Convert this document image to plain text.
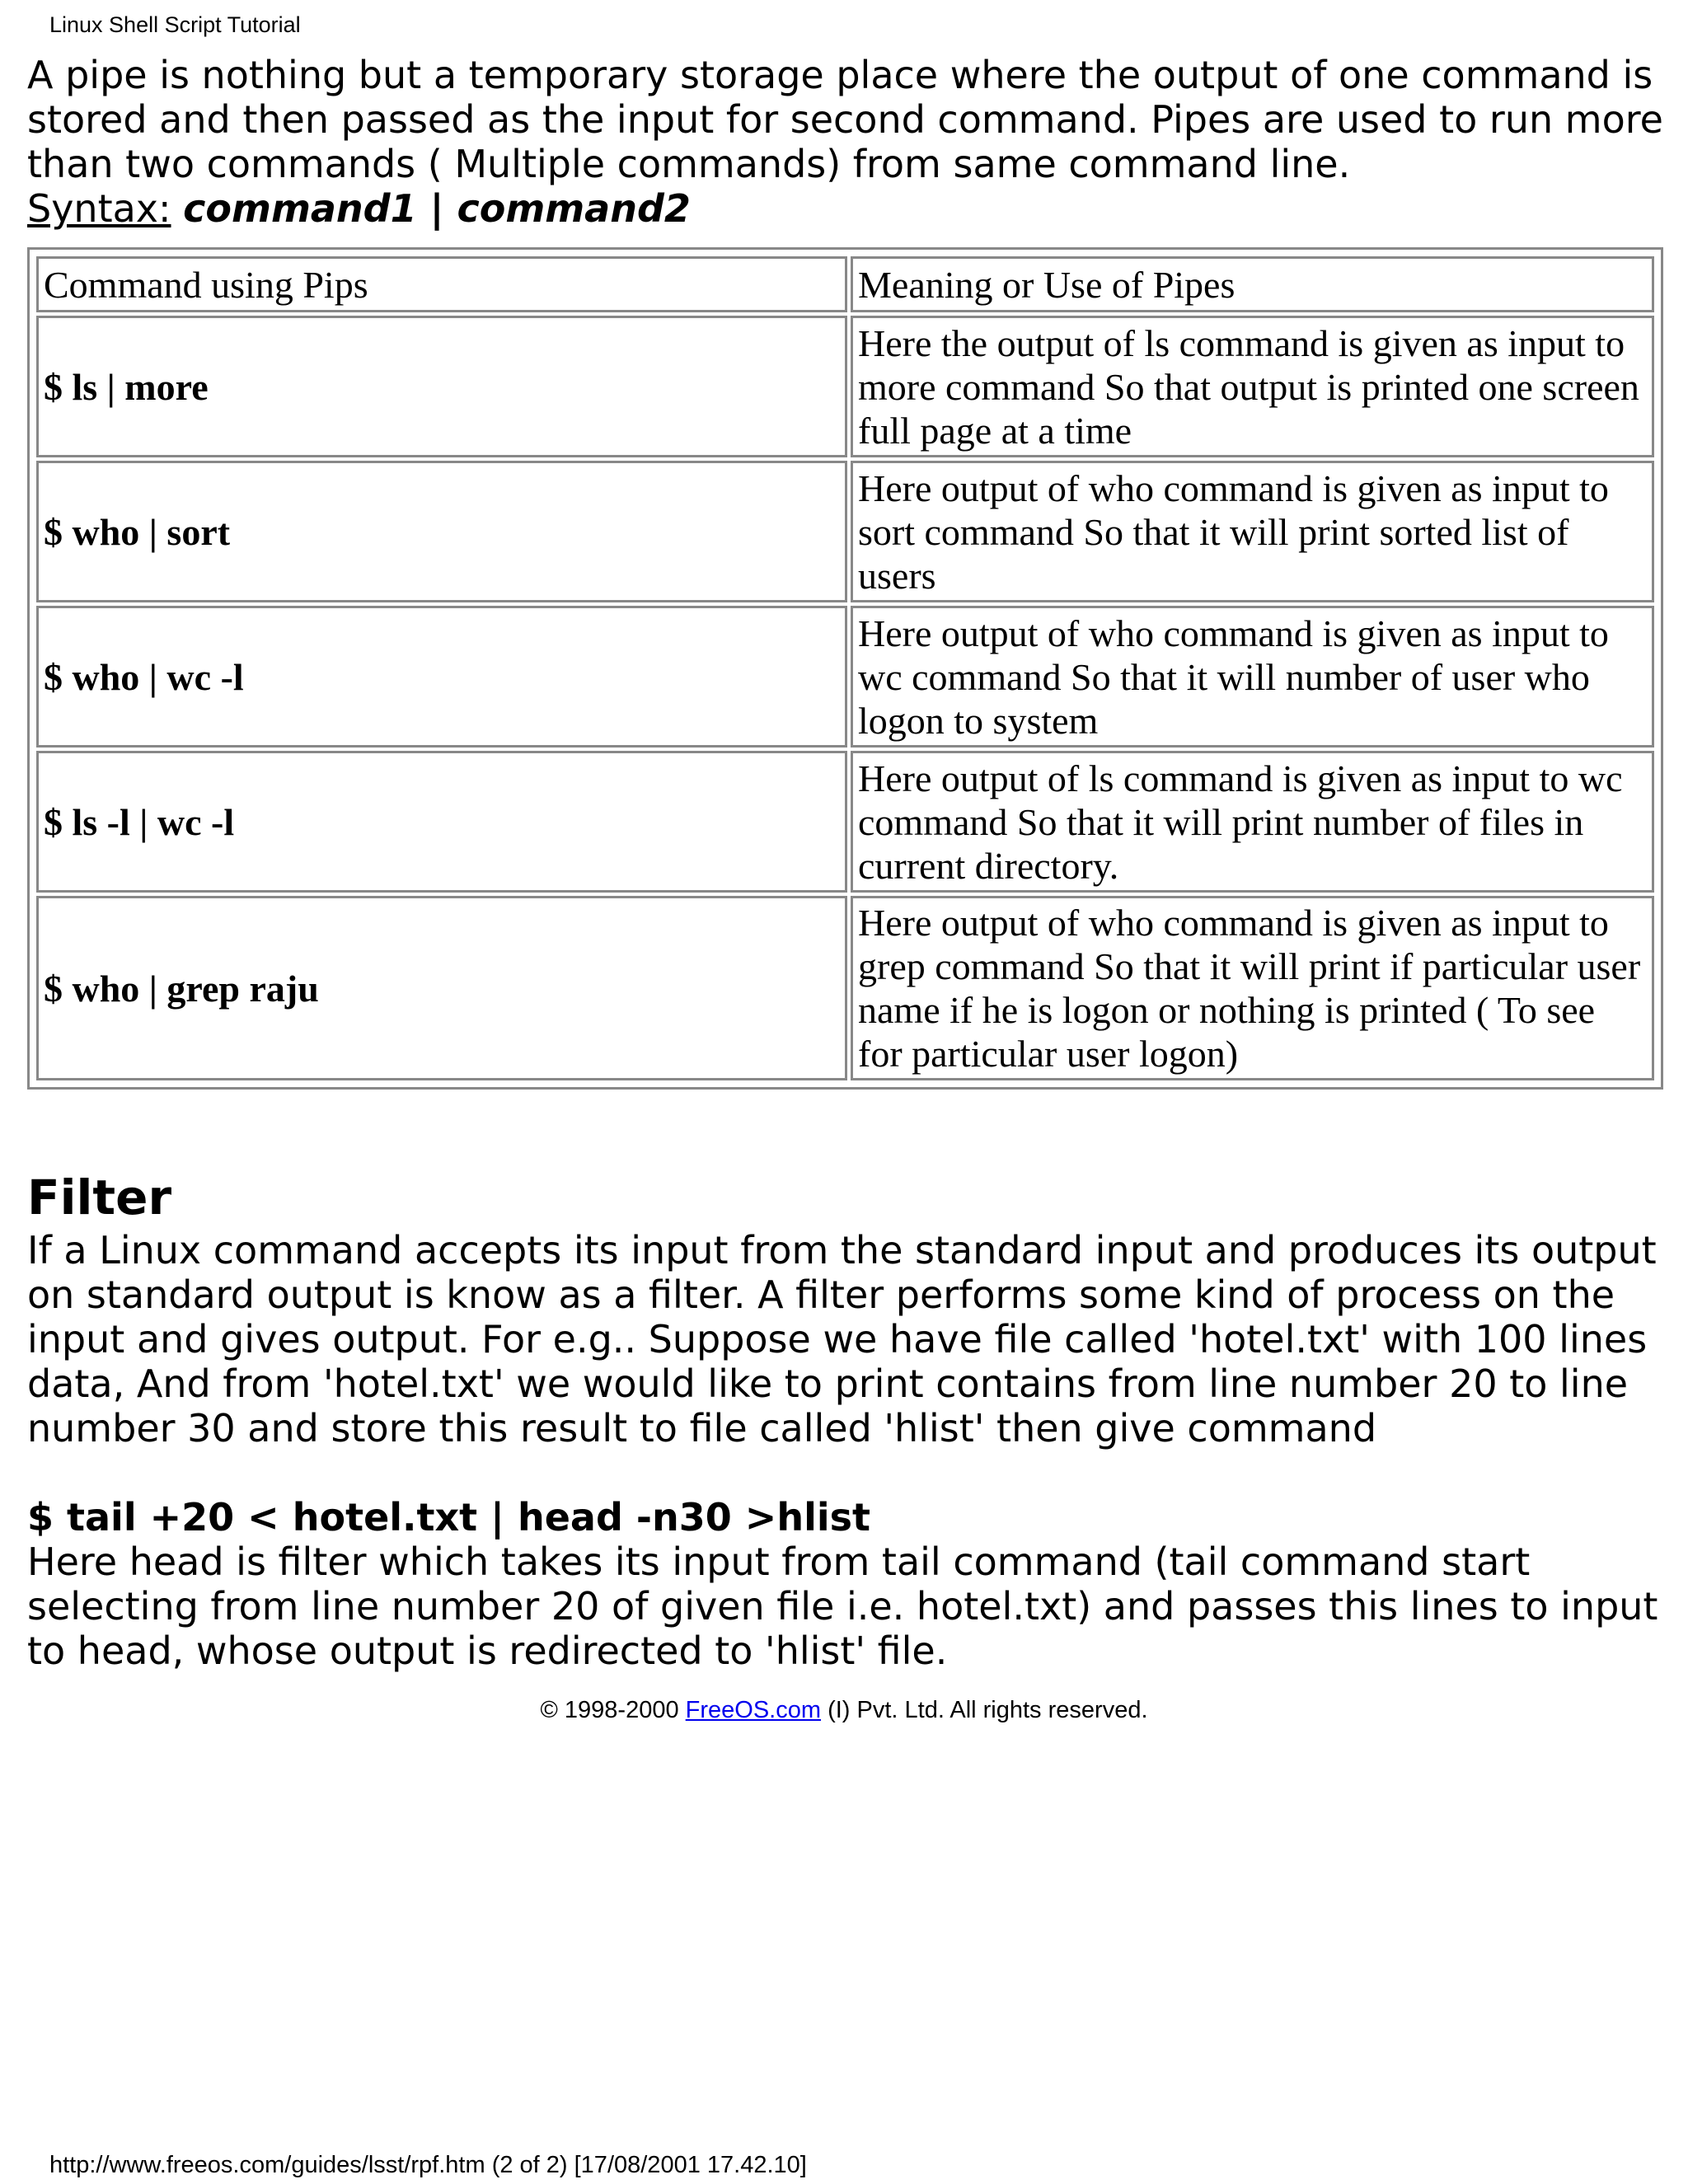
Linux Shell Script Tutorial

A pipe is nothing but a temporary storage place where the output of one command is stored and then passed as the input for second command. Pipes are used to run more than two commands ( Multiple commands) from same command line.

Syntax: command1 | command2
Command using Pips	Meaning or Use of Pipes
$ ls | more	Here the output of ls command is given as input to more command So that output is printed one screen full page at a time
$ who | sort	Here output of who command is given as input to sort command So that it will print sorted list of users
$ who | wc -l	Here output of who command is given as input to wc command So that it will number of user who logon to system
$ ls -l | wc -l	Here output of ls command is given as input to wc command So that it will print number of files in current directory.
$ who | grep raju	Here output of who command is given as input to grep command So that it will print if particular user name if he is logon or nothing is printed ( To see for particular user logon)
Filter

If a Linux command accepts its input from the standard input and produces its output on standard output is know as a filter. A filter performs some kind of process on the input and gives output. For e.g.. Suppose we have file called 'hotel.txt' with 100 lines data, And from 'hotel.txt' we would like to print contains from line number 20 to line number 30 and store this result to file called 'hlist' then give command

$ tail +20 < hotel.txt | head -n30 >hlist

Here head is filter which takes its input from tail command (tail command start selecting from line number 20 of given file i.e. hotel.txt) and passes this lines to input to head, whose output is redirected to 'hlist' file.

© 1998-2000 FreeOS.com (I) Pvt. Ltd. All rights reserved.
http://www.freeos.com/guides/lsst/rpf.htm (2 of 2) [17/08/2001 17.42.10]
